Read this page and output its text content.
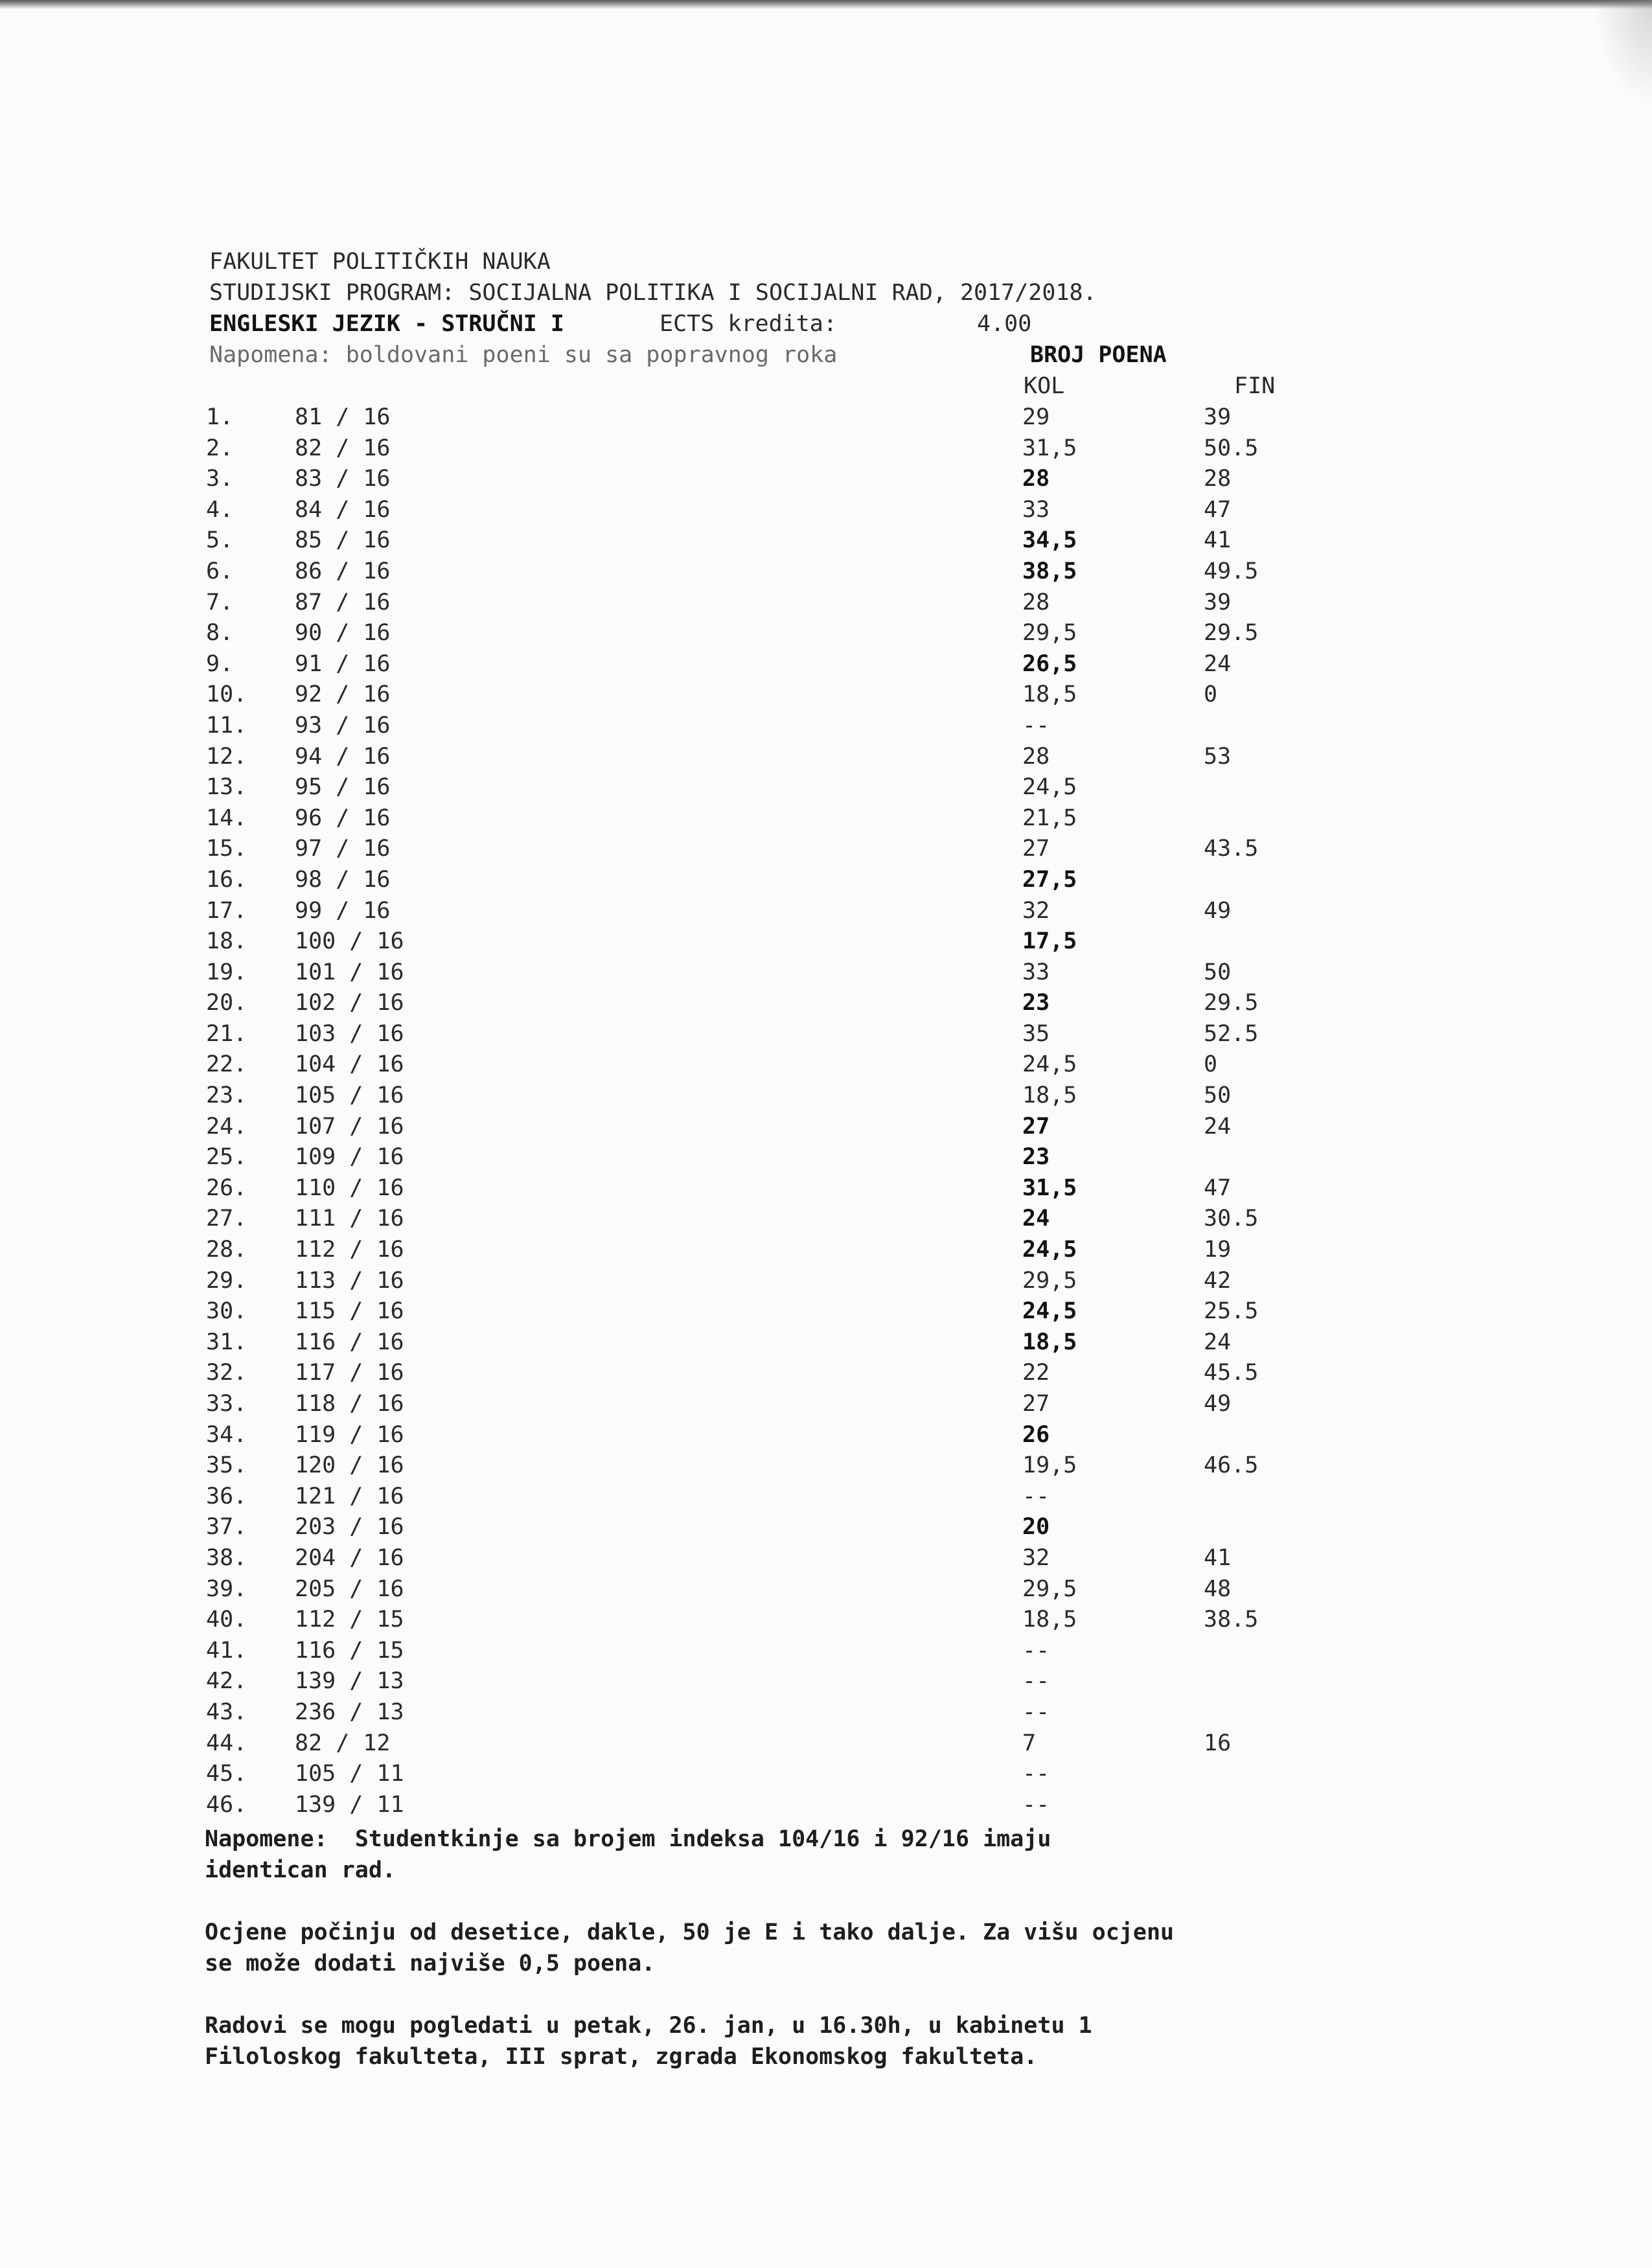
FAKULTET POLITIČKIH NAUKA
STUDIJSKI PROGRAM: SOCIJALNA POLITIKA I SOCIJALNI RAD, 2017/2018.

ENGLESKI JEZIK - STRUČNI I

	ECTS kredita:

	4.00

Napomena: boldovani poeni su sa popravnog roka

	BROJ POENA

KOL

	FIN

1.	81 / 16	29	39
2.	82 / 16	31,5	50.5
3.	83 / 16	28	28
4.	84 / 16	33	47
5.	85 / 16	34,5	41
6.	86 / 16	38,5	49.5
7.	87 / 16	28	39
8.	90 / 16	29,5	29.5
9.	91 / 16	26,5	24
10. 92 / 16	18,5	0
11. 93 / 16	--
12. 94 / 16	28	53
13. 95 / 16	24,5
14. 96 / 16	21,5
15. 97 / 16	27	43.5
16. 98 / 16	27,5
17. 99 / 16	32	49
18. 100 / 16	17,5
19. 101 / 16	33	50
20. 102 / 16	23	29.5
21. 103 / 16	35	52.5
22. 104 / 16	24,5	0
23. 105 / 16	18,5	50
24. 107 / 16	27	24
25. 109 / 16	23
26. 110 / 16	31,5	47
27. 111 / 16	24	30.5
28. 112 / 16	24,5	19
29. 113 / 16	29,5	42
30. 115 / 16	24,5	25.5
31. 116 / 16	18,5	24
32. 117 / 16	22	45.5
33. 118 / 16	27	49
34. 119 / 16	26
35. 120 / 16	19,5	46.5
36. 121 / 16	--
37. 203 / 16	20
38. 204 / 16	32	41
39. 205 / 16	29,5	48
40. 112 / 15	18,5	38.5
41. 116 / 15	--
42. 139 / 13	--
43. 236 / 13	--
44. 82 / 12	7	16
45. 105 / 11	--
46. 139 / 11	--
Napomene: Studentkinje sa brojem indeksa 104/16 i 92/16 imaju
identican rad.
Ocjene počinju od desetice, dakle, 50 je E i tako dalje. Za višu ocjenu
se može dodati najviše 0,5 poena.
Radovi se mogu pogledati u petak, 26. jan, u 16.30h, u kabinetu 1
Filoloskog fakulteta, III sprat, zgrada Ekonomskog fakulteta.
